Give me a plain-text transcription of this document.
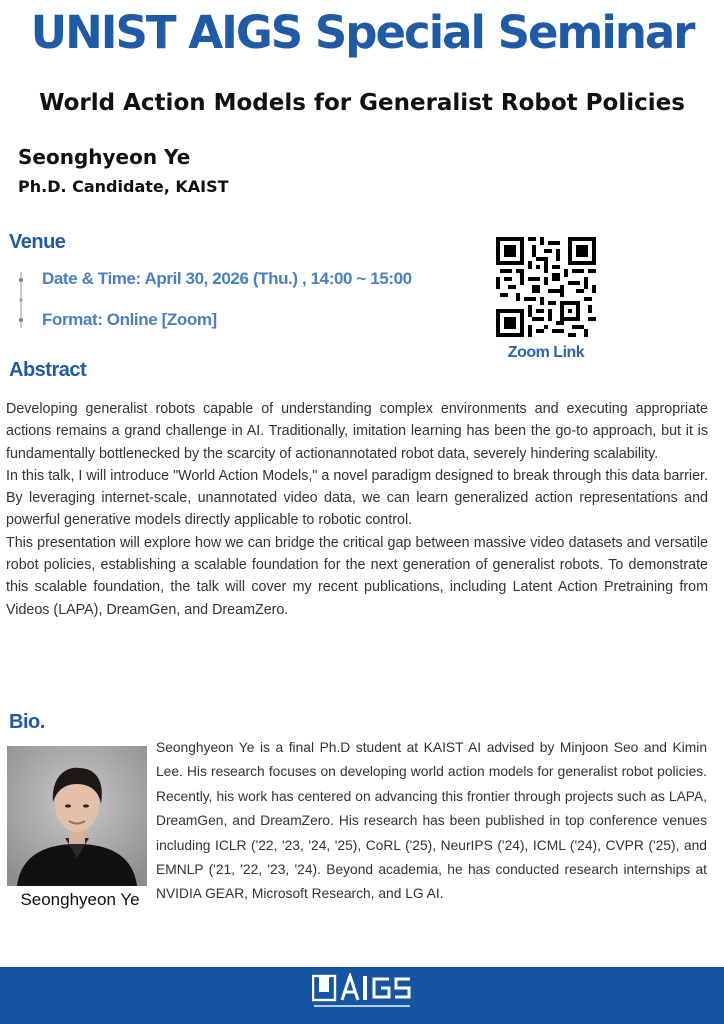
UNIST AIGS Special Seminar
World Action Models for Generalist Robot Policies
Seonghyeon Ye
Ph.D. Candidate, KAIST
Venue
Date & Time: April 30, 2026 (Thu.) , 14:00 ~ 15:00
Format: Online [Zoom]
Zoom Link
Abstract

Developing generalist robots capable of understanding complex environments and executing appropriate actions remains a grand challenge in AI. Traditionally, imitation learning has been the go-to approach, but it is fundamentally bottlenecked by the scarcity of actionannotated robot data, severely hindering scalability.

In this talk, I will introduce "World Action Models," a novel paradigm designed to break through this data barrier. By leveraging internet-scale, unannotated video data, we can learn generalized action representations and powerful generative models directly applicable to robotic control.

This presentation will explore how we can bridge the critical gap between massive video datasets and versatile robot policies, establishing a scalable foundation for the next generation of generalist robots. To demonstrate this scalable foundation, the talk will cover my recent publications, including Latent Action Pretraining from Videos (LAPA), DreamGen, and DreamZero.

Bio.
Seonghyeon Ye

Seonghyeon Ye is a final Ph.D student at KAIST AI advised by Minjoon Seo and Kimin Lee. His research focuses on developing world action models for generalist robot policies. Recently, his work has centered on advancing this frontier through projects such as LAPA, DreamGen, and DreamZero. His research has been published in top conference venues including ICLR ('22, '23, '24, '25), CoRL ('25), NeurIPS ('24), ICML ('24), CVPR ('25), and EMNLP ('21, '22, '23, '24). Beyond academia, he has conducted research internships at NVIDIA GEAR, Microsoft Research, and LG AI.
